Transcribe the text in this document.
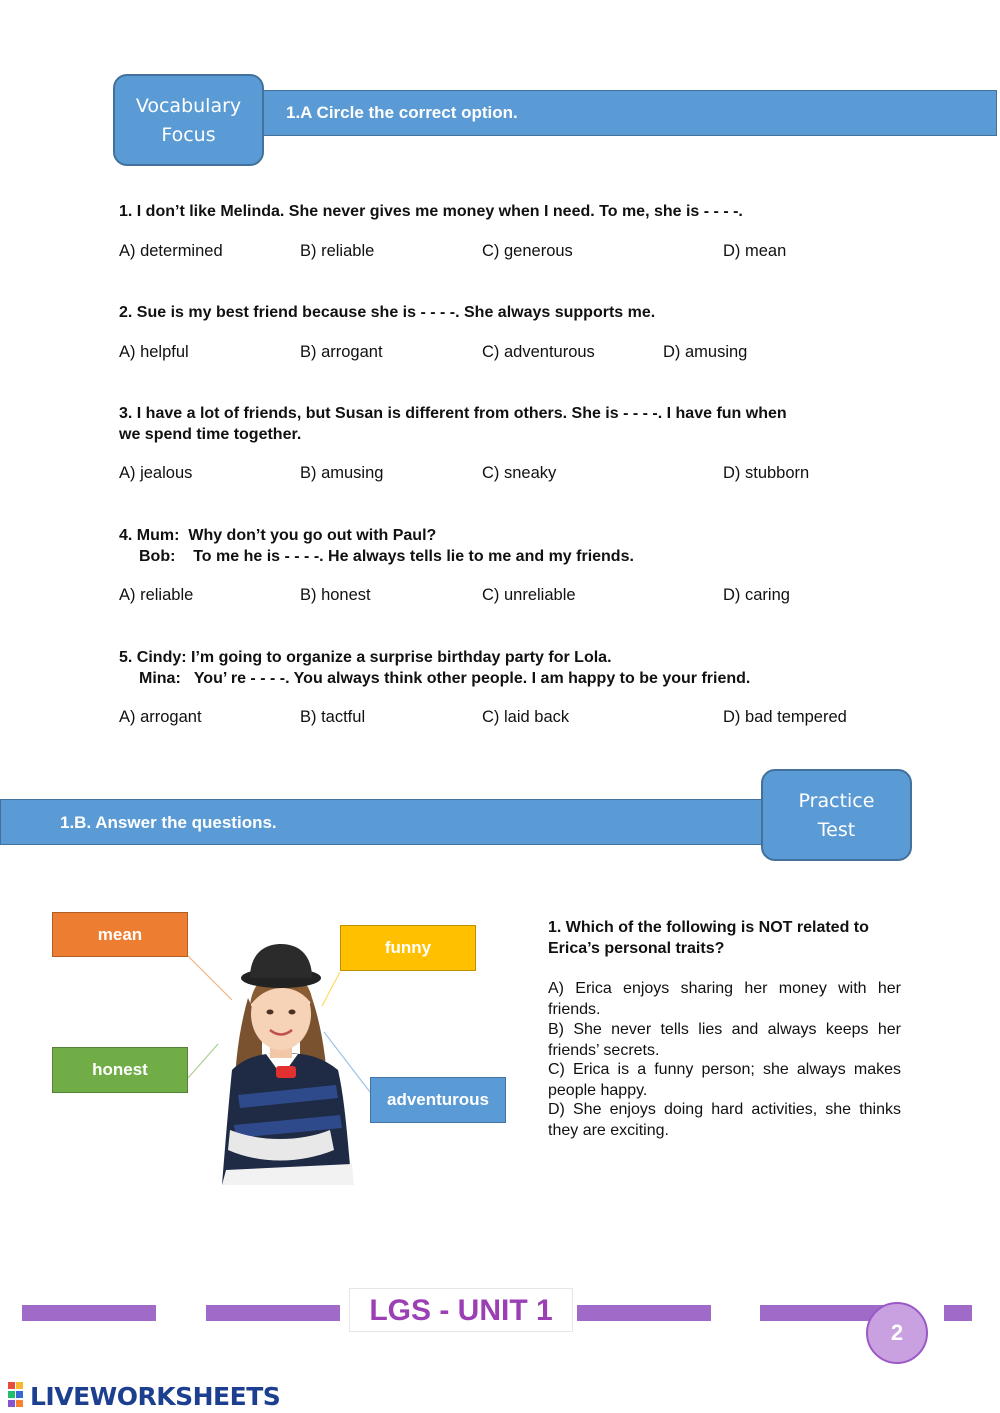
1.A Circle the correct option.
Vocabulary
Focus
1. I don’t like Melinda. She never gives me money when I need. To me, she is - - - -.
A) determined	B) reliable	C) generous	D) mean
2. Sue is my best friend because she is - - - -. She always supports me.
A) helpful	B) arrogant	C) adventurous	D) amusing
3. I have a lot of friends, but Susan is different from others. She is - - - -. I have fun when
we spend time together.
A) jealous	B) amusing	C) sneaky	D) stubborn
4. Mum:  Why don’t you go out with Paul?
Bob:    To me he is - - - -. He always tells lie to me and my friends.
A) reliable	B) honest	C) unreliable	D) caring
5. Cindy: I’m going to organize a surprise birthday party for Lola.
Mina:   You’ re - - - -. You always think other people. I am happy to be your friend.
A) arrogant	B) tactful	C) laid back	D) bad tempered
1.B. Answer the questions.
Practice
Test
mean
funny
honest
adventurous
1. Which of the following is NOT related to
Erica’s personal traits?
A) Erica enjoys sharing her money with her friends.
B) She never tells lies and always keeps her friends’ secrets.
C) Erica is a funny person; she always makes people happy.
D) She enjoys doing hard activities, she thinks they are exciting.
LGS - UNIT 1
2
LIVEWORKSHEETS
